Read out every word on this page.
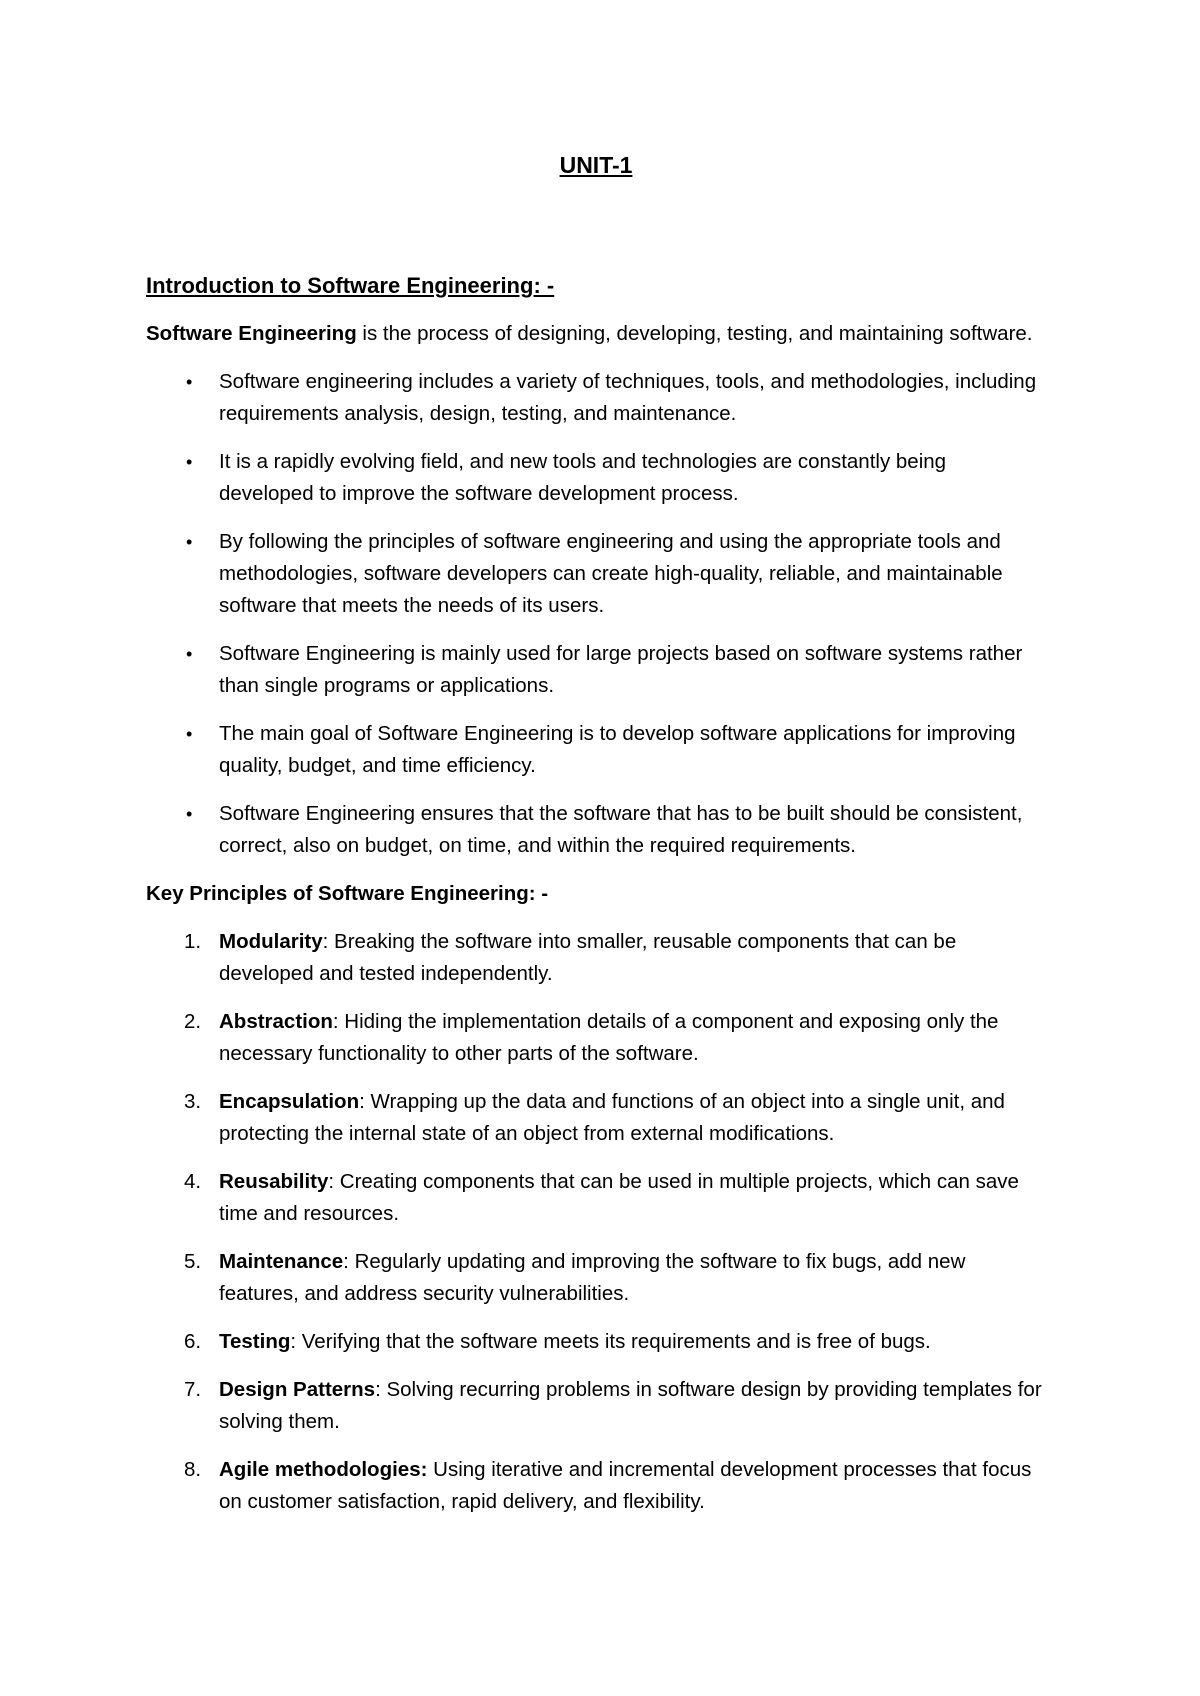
UNIT-1
Introduction to Software Engineering: -

Software Engineering is the process of designing, developing, testing, and maintaining software.

• Software engineering includes a variety of techniques, tools, and methodologies, including requirements analysis, design, testing, and maintenance.
• It is a rapidly evolving field, and new tools and technologies are constantly being developed to improve the software development process.
• By following the principles of software engineering and using the appropriate tools and methodologies, software developers can create high-quality, reliable, and maintainable software that meets the needs of its users.
• Software Engineering is mainly used for large projects based on software systems rather than single programs or applications.
• The main goal of Software Engineering is to develop software applications for improving quality, budget, and time efficiency.
• Software Engineering ensures that the software that has to be built should be consistent, correct, also on budget, on time, and within the required requirements.
Key Principles of Software Engineering: -
1. Modularity: Breaking the software into smaller, reusable components that can be developed and tested independently.
2. Abstraction: Hiding the implementation details of a component and exposing only the necessary functionality to other parts of the software.
3. Encapsulation: Wrapping up the data and functions of an object into a single unit, and protecting the internal state of an object from external modifications.
4. Reusability: Creating components that can be used in multiple projects, which can save time and resources.
5. Maintenance: Regularly updating and improving the software to fix bugs, add new features, and address security vulnerabilities.
6. Testing: Verifying that the software meets its requirements and is free of bugs.
7. Design Patterns: Solving recurring problems in software design by providing templates for solving them.
8. Agile methodologies: Using iterative and incremental development processes that focus on customer satisfaction, rapid delivery, and flexibility.
